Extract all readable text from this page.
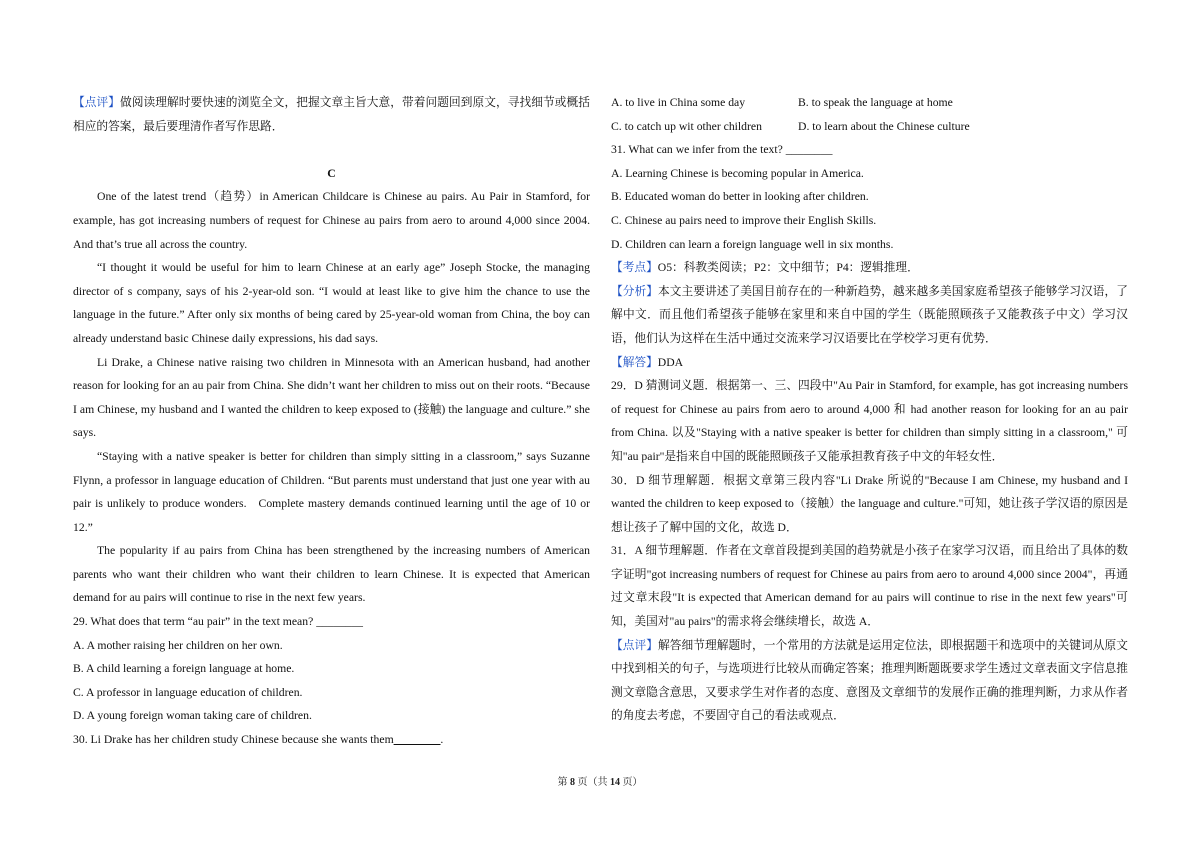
【点评】做阅读理解时要快速的浏览全文，把握文章主旨大意，带着问题回到原文，寻找细节或概括相应的答案，最后要理清作者写作思路．

C

One of the latest trend（趋势）in American Childcare is Chinese au pairs. Au Pair in Stamford, for example, has got increasing numbers of request for Chinese au pairs from aero to around 4,000 since 2004. And that’s true all across the country.

“I thought it would be useful for him to learn Chinese at an early age” Joseph Stocke, the managing director of s company, says of his 2-year-old son. “I would at least like to give him the chance to use the language in the future.” After only six months of being cared by 25-year-old woman from China, the boy can already understand basic Chinese daily expressions, his dad says.

Li Drake, a Chinese native raising two children in Minnesota with an American husband, had another reason for looking for an au pair from China. She didn’t want her children to miss out on their roots. “Because I am Chinese, my husband and I wanted the children to keep exposed to (接触) the language and culture.” she says.

“Staying with a native speaker is better for children than simply sitting in a classroom,” says Suzanne Flynn, a professor in language education of Children. “But parents must understand that just one year with au pair is unlikely to produce wonders.   Complete mastery demands continued learning until the age of 10 or 12.”

The popularity if au pairs from China has been strengthened by the increasing numbers of American parents who want their children who want their children to learn Chinese. It is expected that American demand for au pairs will continue to rise in the next few years.

29. What does that term “au pair” in the text mean? ________

A. A mother raising her children on her own.

B. A child learning a foreign language at home.

C. A professor in language education of children.

D. A young foreign woman taking care of children.

30. Li Drake has her children study Chinese because she wants them________.

A. to live in China some day	B. to speak the language at home
C. to catch up wit other children	D. to learn about the Chinese culture

31. What can we infer from the text? ________

A. Learning Chinese is becoming popular in America.

B. Educated woman do better in looking after children.

C. Chinese au pairs need to improve their English Skills.

D. Children can learn a foreign language well in six months.

【考点】O5：科教类阅读；P2：文中细节；P4：逻辑推理．

【分析】本文主要讲述了美国目前存在的一种新趋势，越来越多美国家庭希望孩子能够学习汉语，了解中文．而且他们希望孩子能够在家里和来自中国的学生（既能照顾孩子又能教孩子中文）学习汉语，他们认为这样在生活中通过交流来学习汉语要比在学校学习更有优势．

【解答】DDA

29．D 猜测词义题．根据第一、三、四段中"Au Pair in Stamford, for example, has got increasing numbers of request for Chinese au pairs from aero to around 4,000 和 had another reason for looking for an au pair from China. 以及"Staying with a native speaker is better for children than simply sitting in a classroom," 可知"au pair"是指来自中国的既能照顾孩子又能承担教育孩子中文的年轻女性．

30．D 细节理解题．根据文章第三段内容"Li Drake 所说的"Because I am Chinese, my husband and I wanted the children to keep exposed to（接触）the language and culture."可知，她让孩子学汉语的原因是想让孩子了解中国的文化，故选 D．

31．A 细节理解题．作者在文章首段提到美国的趋势就是小孩子在家学习汉语，而且给出了具体的数字证明"got increasing numbers of request for Chinese au pairs from aero to around 4,000 since 2004"，再通过文章末段"It is expected that American demand for au pairs will continue to rise in the next few years"可知，美国对"au pairs"的需求将会继续增长，故选 A．

【点评】解答细节理解题时，一个常用的方法就是运用定位法，即根据题干和选项中的关键词从原文中找到相关的句子，与选项进行比较从而确定答案；推理判断题既要求学生透过文章表面文字信息推测文章隐含意思，又要求学生对作者的态度、意图及文章细节的发展作正确的推理判断，力求从作者的角度去考虑，不要固守自己的看法或观点．

第 8 页（共 14 页）
